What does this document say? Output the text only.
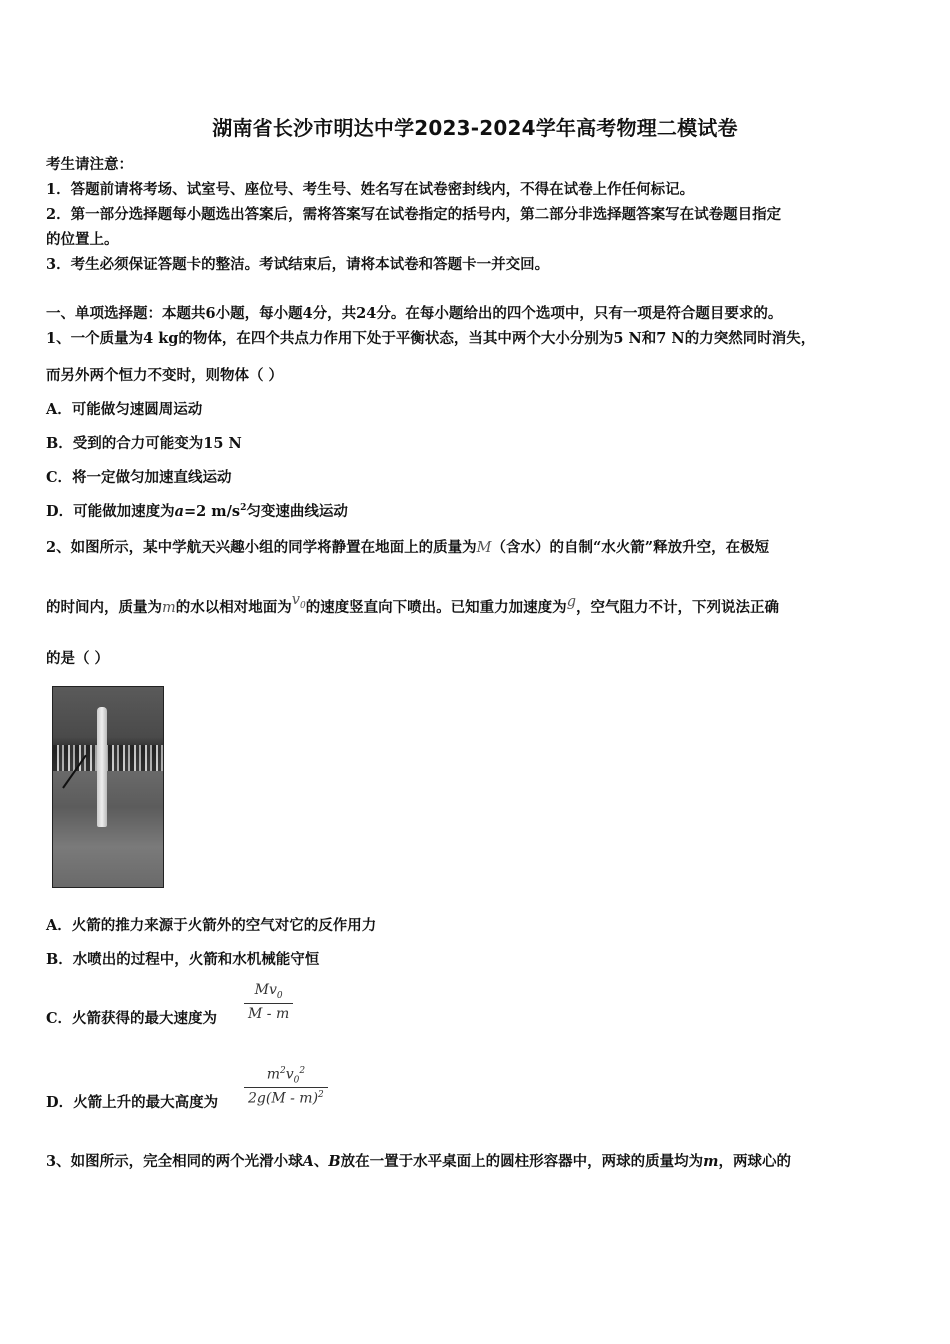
湖南省长沙市明达中学2023-2024学年高考物理二模试卷
考生请注意：
1．答题前请将考场、试室号、座位号、考生号、姓名写在试卷密封线内，不得在试卷上作任何标记。
2．第一部分选择题每小题选出答案后，需将答案写在试卷指定的括号内，第二部分非选择题答案写在试卷题目指定
的位置上。
3．考生必须保证答题卡的整洁。考试结束后，请将本试卷和答题卡一并交回。
一、单项选择题：本题共6小题，每小题4分，共24分。在每小题给出的四个选项中，只有一项是符合题目要求的。
1、一个质量为4 kg的物体，在四个共点力作用下处于平衡状态，当其中两个大小分别为5 N和7 N的力突然同时消失，
而另外两个恒力不变时，则物体（ ）
A．可能做匀速圆周运动
B．受到的合力可能变为15 N
C．将一定做匀加速直线运动
D．可能做加速度为a=2 $m/s^2$匀变速曲线运动
2、如图所示，某中学航天兴趣小组的同学将静置在地面上的质量为M（含水）的自制“水火箭”释放升空，在极短
的时间内，质量为m的水以相对地面为$v_0$的速度竖直向下喷出。已知重力加速度为g，空气阻力不计，下列说法正确
的是（ ）
A．火箭的推力来源于火箭外的空气对它的反作用力
B．水喷出的过程中，火箭和水机械能守恒
C．火箭获得的最大速度为
$Mv_0$
M - m
D．火箭上升的最大高度为
$m^2v_0^2$
2g(M - m)$^2$
3、如图所示，完全相同的两个光滑小球A、B放在一置于水平桌面上的圆柱形容器中，两球的质量均为m，两球心的
